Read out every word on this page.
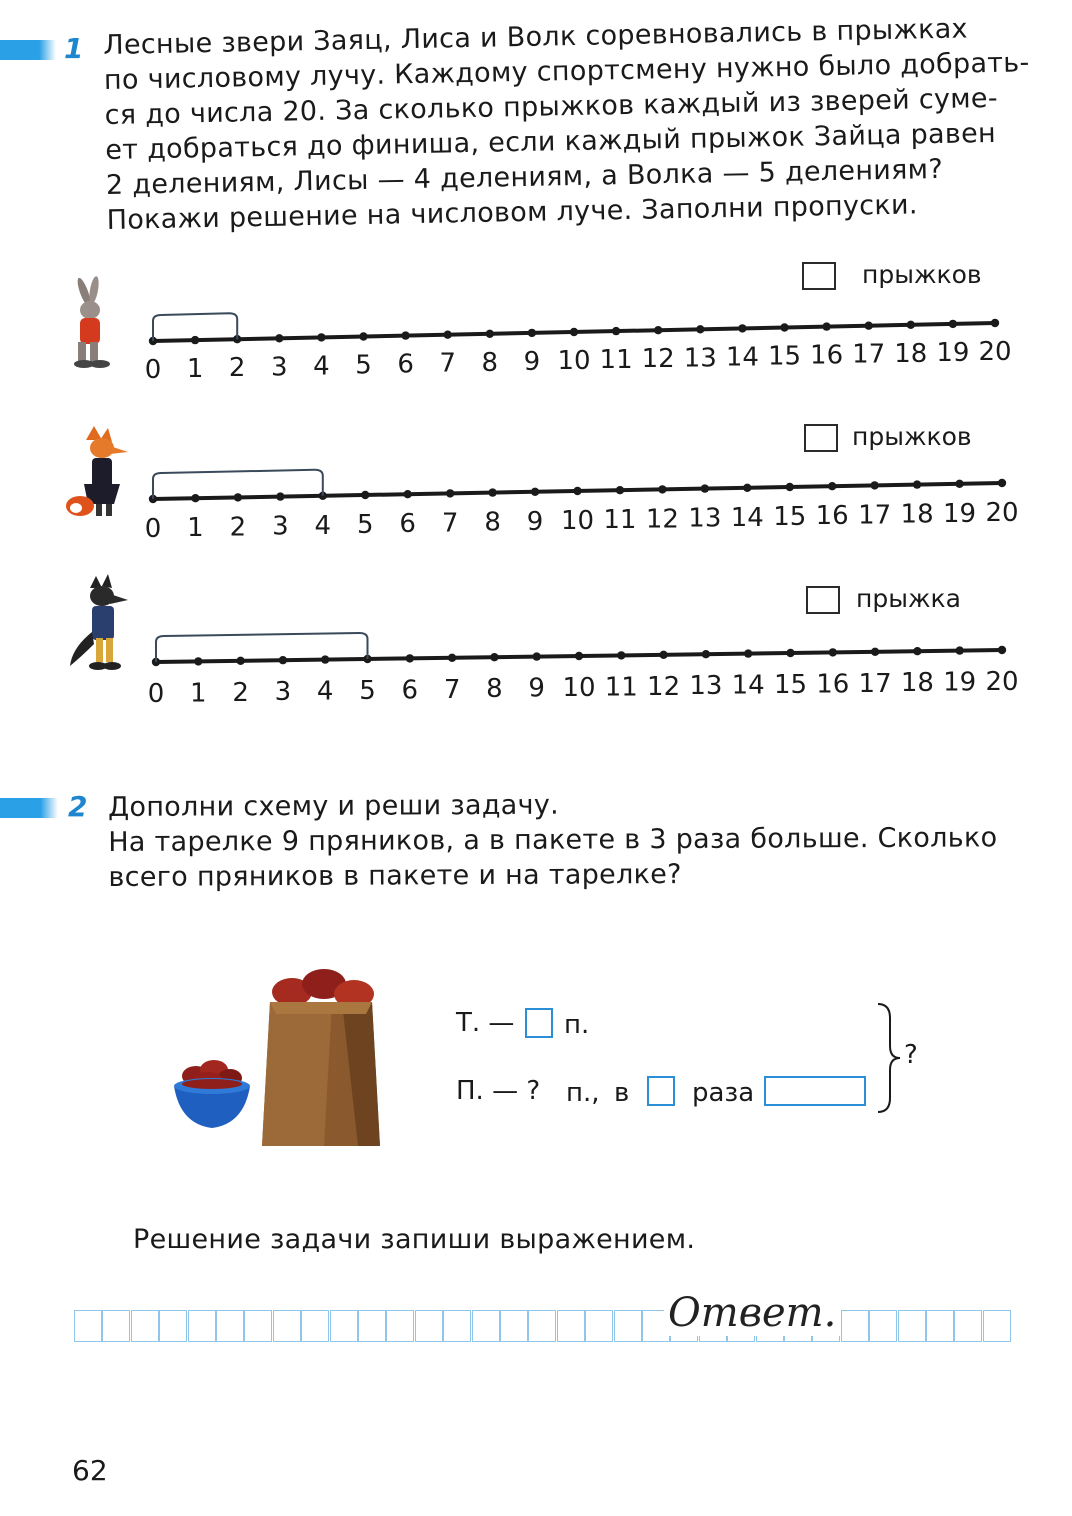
1 Лесные звери Заяц, Лиса и Волк соревновались в прыжках
по числовому лучу. Каждому спортсмену нужно было добрать-
ся до числа 20. За сколько прыжков каждый из зверей суме-
ет добраться до финиша, если каждый прыжок Зайца равен
2 делениям, Лисы — 4 делениям, а Волка — 5 делениям?
Покажи решение на числовом луче. Заполни пропуски.
0 1 2 3 4 5 6 7 8 9 10 11 12 13 14 15 16 17 18 19 20
0 1 2 3 4 5 6 7 8 9 10 11 12 13 14 15 16 17 18 19 20
0 1 2 3 4 5 6 7 8 9 10 11 12 13 14 15 16 17 18 19 20
прыжков
прыжков
прыжка
2 Дополни схему и реши задачу.
На тарелке 9 пряников, а в пакете в 3 раза больше. Сколько
всего пряников в пакете и на тарелке?
Т. — п.
П. — ? п., в раза
?
Решение задачи запиши выражением.
Ответ.
62
